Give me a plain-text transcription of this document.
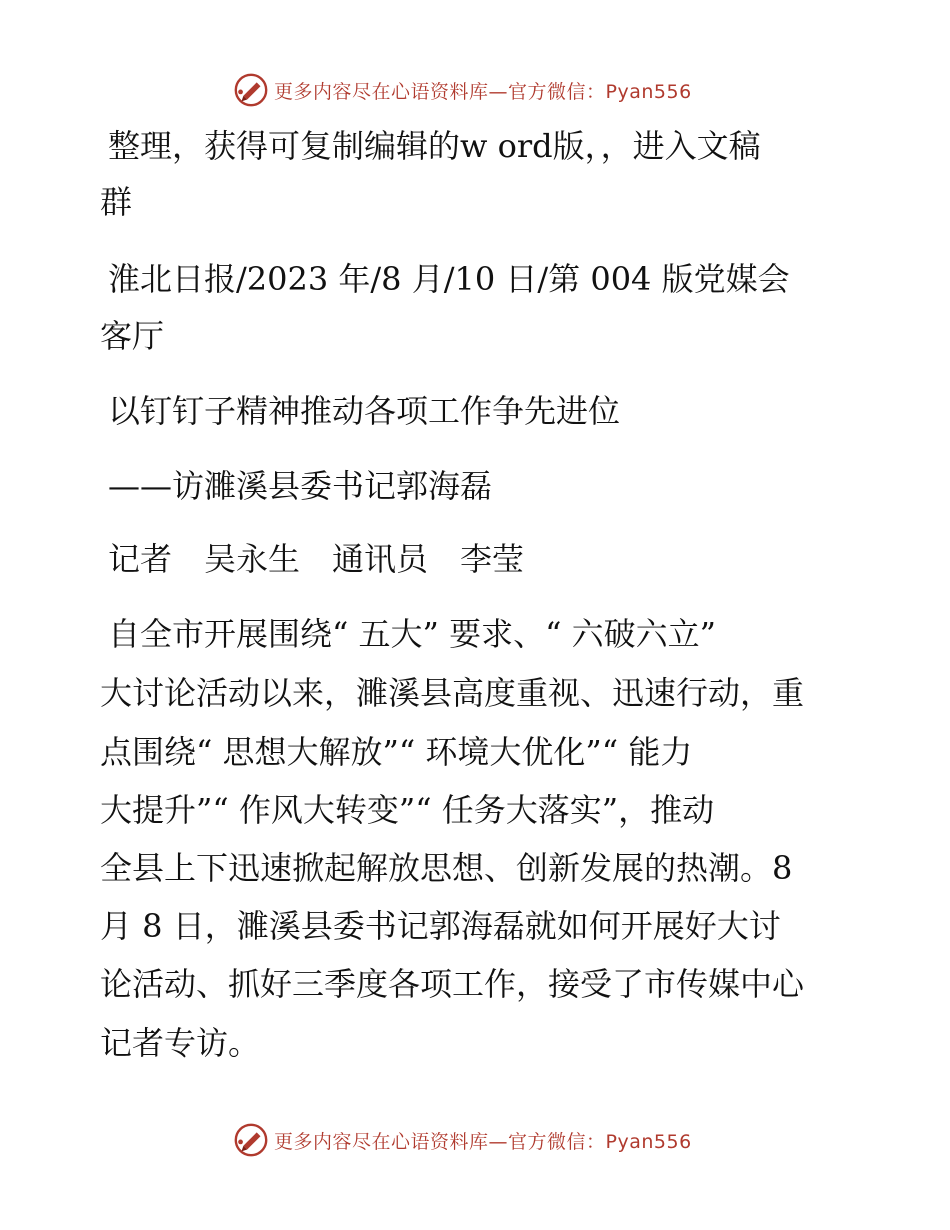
更多内容尽在心语资料库—官方微信：Pyan556

整理，获得可复制编辑的w ord版，，进入文稿

群

淮北日报/2023 年/8 月/10 日/第 004 版党媒会

客厅

以钉钉子精神推动各项工作争先进位

——访濉溪县委书记郭海磊

记者　吴永生　通讯员　李莹

自全市开展围绕“ 五大” 要求、“ 六破六立”

大讨论活动以来，濉溪县高度重视、迅速行动，重

点围绕“ 思想大解放”“ 环境大优化”“ 能力

大提升”“ 作风大转变”“ 任务大落实”，推动

全县上下迅速掀起解放思想、创新发展的热潮。8

月 8 日，濉溪县委书记郭海磊就如何开展好大讨

论活动、抓好三季度各项工作，接受了市传媒中心

记者专访。

更多内容尽在心语资料库—官方微信：Pyan556
